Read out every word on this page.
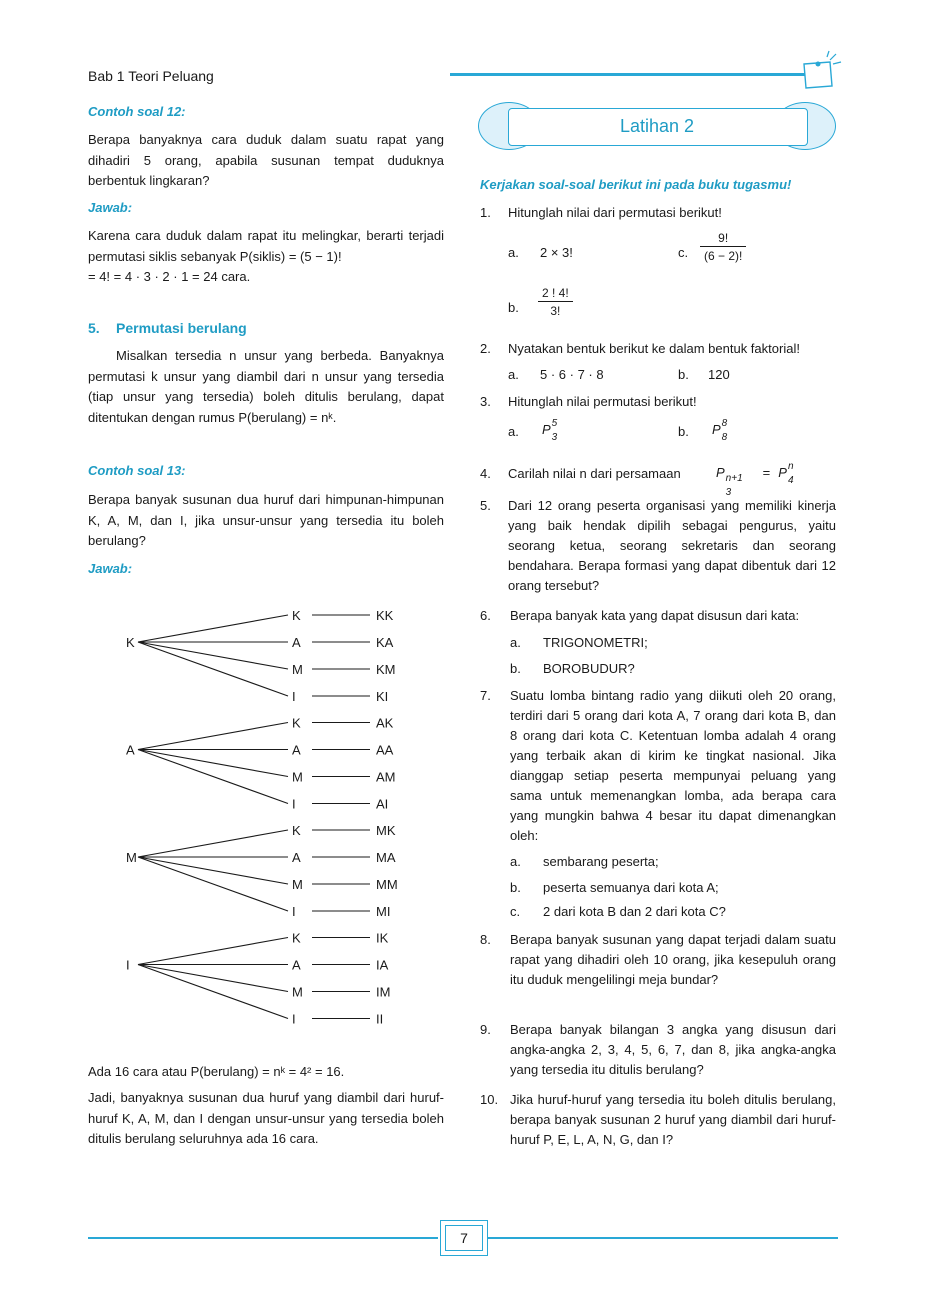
Bab 1 Teori Peluang
Contoh soal 12:
Berapa banyaknya cara duduk dalam suatu rapat yang dihadiri 5 orang, apabila susunan tempat duduknya berbentuk lingkaran?
Jawab:
Karena cara duduk dalam rapat itu melingkar, berarti terjadi permutasi siklis sebanyak P(siklis) = (5 − 1)!
= 4! = 4 · 3 · 2 · 1 = 24 cara.
5. Permutasi berulang
Misalkan tersedia n unsur yang berbeda. Banyaknya permutasi k unsur yang diambil dari n unsur yang tersedia (tiap unsur yang tersedia) boleh ditulis berulang, dapat ditentukan dengan rumus P(berulang) = nᵏ.
Contoh soal 13:
Berapa banyak susunan dua huruf dari himpunan-himpunan K, A, M, dan I, jika unsur-unsur yang tersedia itu boleh berulang?
Jawab:
K
K	KK
A	KA
M	KM
I	KI
A
K	AK
A	AA
M	AM
I	AI
M
K	MK
A	MA
M	MM
I	MI
I
K	IK
A	IA
M	IM
I	II
Ada 16 cara atau P(berulang) = nᵏ = 4² = 16.
Jadi, banyaknya susunan dua huruf yang diambil dari huruf-huruf K, A, M, dan I dengan unsur-unsur yang tersedia boleh ditulis berulang seluruhnya ada 16 cara.
Latihan 2
Kerjakan soal-soal berikut ini pada buku tugasmu!
1. Hitunglah nilai dari permutasi berikut!
a. 2 × 3!	c. $\frac{9!}{(6 - 2)!}$
b. $\frac{2 ! 4!}{3!}$
2. Nyatakan bentuk berikut ke dalam bentuk faktorial!
a. 5 · 6 · 7 · 8	b. 120
3. Hitunglah nilai permutasi berikut!
a. P 5
3	b. P 8
8
4. Carilah nilai n dari persamaan	P n+1
3
= P n
4
5. Dari 12 orang peserta organisasi yang memiliki kinerja yang baik hendak dipilih sebagai pengurus, yaitu seorang ketua, seorang sekretaris dan seorang bendahara. Berapa formasi yang dapat dibentuk dari 12 orang tersebut?
6. Berapa banyak kata yang dapat disusun dari kata:
a. TRIGONOMETRI;
b. BOROBUDUR?
7. Suatu lomba bintang radio yang diikuti oleh 20 orang, terdiri dari 5 orang dari kota A, 7 orang dari kota B, dan 8 orang dari kota C. Ketentuan lomba adalah 4 orang yang terbaik akan di kirim ke tingkat nasional. Jika dianggap setiap peserta mempunyai peluang yang sama untuk memenangkan lomba, ada berapa cara yang mungkin bahwa 4 besar itu dapat dimenangkan oleh:
a. sembarang peserta;
b. peserta semuanya dari kota A;
c. 2 dari kota B dan 2 dari kota C?
8. Berapa banyak susunan yang dapat terjadi dalam suatu rapat yang dihadiri oleh 10 orang, jika kesepuluh orang itu duduk mengelilingi meja bundar?
9. Berapa banyak bilangan 3 angka yang disusun dari angka-angka 2, 3, 4, 5, 6, 7, dan 8, jika angka-angka yang tersedia itu ditulis berulang?
10. Jika huruf-huruf yang tersedia itu boleh ditulis berulang, berapa banyak susunan 2 huruf yang diambil dari huruf-huruf P, E, L, A, N, G, dan I?
7
